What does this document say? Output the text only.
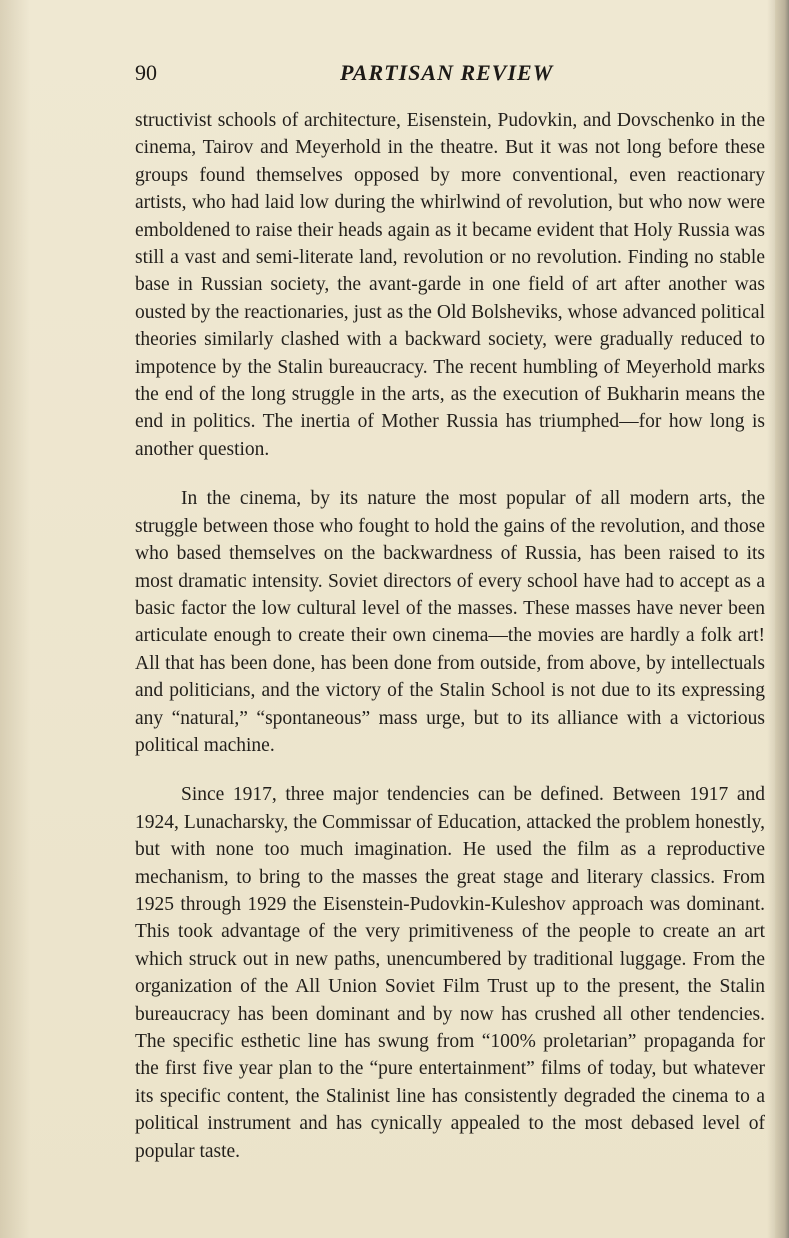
90	PARTISAN REVIEW

structivist schools of architecture, Eisenstein, Pudovkin, and Dovschenko in the cinema, Tairov and Meyerhold in the theatre. But it was not long before these groups found themselves opposed by more conventional, even reactionary artists, who had laid low during the whirlwind of revolution, but who now were emboldened to raise their heads again as it became evident that Holy Russia was still a vast and semi-literate land, revolution or no revolution. Finding no stable base in Russian society, the avant-garde in one field of art after another was ousted by the reactionaries, just as the Old Bolsheviks, whose advanced political theories similarly clashed with a backward society, were gradually reduced to impotence by the Stalin bureaucracy. The recent humbling of Meyerhold marks the end of the long struggle in the arts, as the execution of Bukharin means the end in politics. The inertia of Mother Russia has triumphed—for how long is another question.

In the cinema, by its nature the most popular of all modern arts, the struggle between those who fought to hold the gains of the revolution, and those who based themselves on the backwardness of Russia, has been raised to its most dramatic intensity. Soviet directors of every school have had to accept as a basic factor the low cultural level of the masses. These masses have never been articulate enough to create their own cinema—the movies are hardly a folk art! All that has been done, has been done from outside, from above, by intellectuals and politicians, and the victory of the Stalin School is not due to its expressing any “natural,” “spontaneous” mass urge, but to its alliance with a victorious political machine.

Since 1917, three major tendencies can be defined. Between 1917 and 1924, Lunacharsky, the Commissar of Education, attacked the problem honestly, but with none too much imagination. He used the film as a reproductive mechanism, to bring to the masses the great stage and literary classics. From 1925 through 1929 the Eisenstein-Pudovkin-Kuleshov approach was dominant. This took advantage of the very primitiveness of the people to create an art which struck out in new paths, unencumbered by traditional luggage. From the organization of the All Union Soviet Film Trust up to the present, the Stalin bureaucracy has been dominant and by now has crushed all other tendencies. The specific esthetic line has swung from “100% proletarian” propaganda for the first five year plan to the “pure entertainment” films of today, but whatever its specific content, the Stalinist line has consistently degraded the cinema to a political instrument and has cynically appealed to the most debased level of popular taste.
